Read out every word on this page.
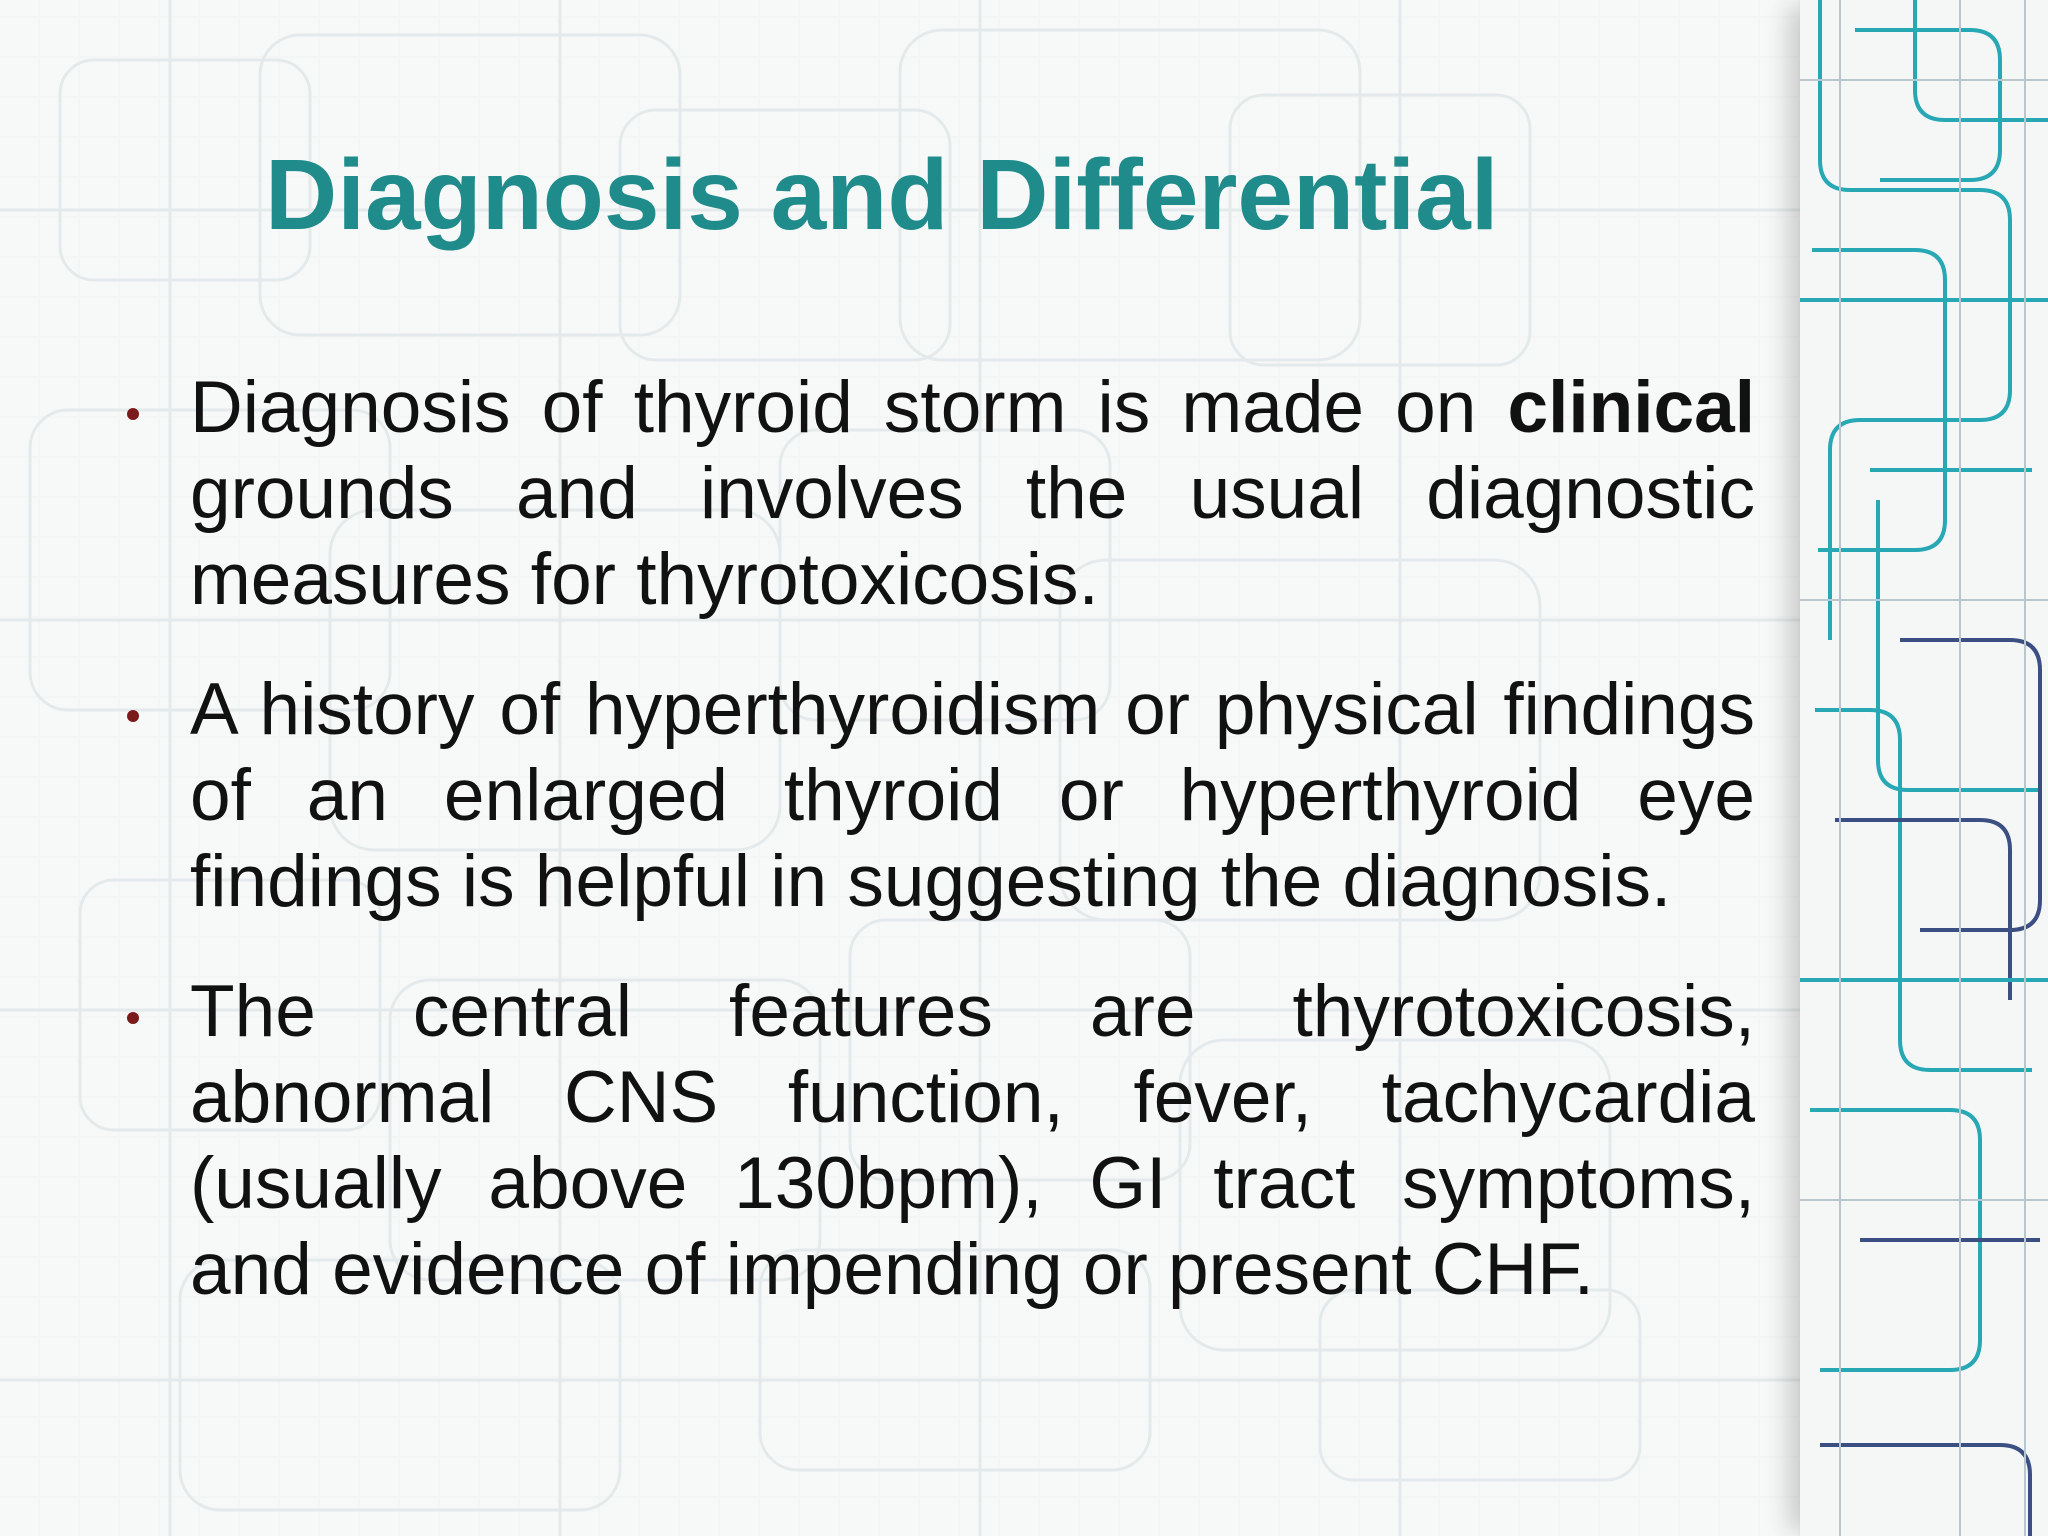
Diagnosis and Differential
Diagnosis of thyroid storm is made on clinical grounds and involves the usual diagnostic measures for thyrotoxicosis.
A history of hyperthyroidism or physical findings of an enlarged thyroid or hyperthyroid eye findings is helpful in suggesting the diagnosis.
The central features are thyrotoxicosis, abnormal CNS function, fever, tachycardia (usually above 130bpm), GI tract symptoms, and evidence of impending or present CHF.
